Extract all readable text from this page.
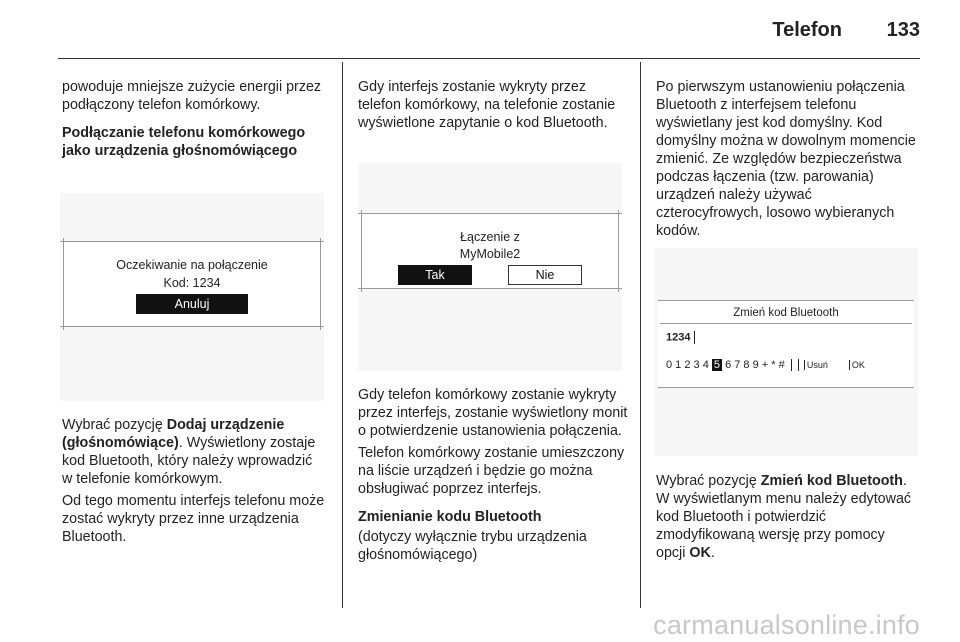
Telefon 133

powoduje mniejsze zużycie energii przez podłączony telefon komórkowy.

Podłączanie telefonu komórkowego jako urządzenia głośnomówiącego

Oczekiwanie na połączenie
Kod: 1234
Anuluj

Wybrać pozycję Dodaj urządzenie (głośnomówiące). Wyświetlony zostaje kod Bluetooth, który należy wprowadzić w telefonie komórkowym.

Od tego momentu interfejs telefonu może zostać wykryty przez inne urządzenia Bluetooth.

Gdy interfejs zostanie wykryty przez telefon komórkowy, na telefonie zostanie wyświetlone zapytanie o kod Bluetooth.

Łączenie z
MyMobile2
Tak	Nie

Gdy telefon komórkowy zostanie wykryty przez interfejs, zostanie wyświetlony monit o potwierdzenie ustanowienia połączenia.

Telefon komórkowy zostanie umieszczony na liście urządzeń i będzie go można obsługiwać poprzez interfejs.

Zmienianie kodu Bluetooth

(dotyczy wyłącznie trybu urządzenia głośnomówiącego)

Po pierwszym ustanowieniu połączenia Bluetooth z interfejsem telefonu wyświetlany jest kod domyślny. Kod domyślny można w dowolnym momencie zmienić. Ze względów bezpieczeństwa podczas łączenia (tzw. parowania) urządzeń należy używać czterocyfrowych, losowo wybieranych kodów.

Zmień kod Bluetooth
1234
0 1 2 3 4 5 6 7 8 9 + * # Usuń	OK

Wybrać pozycję Zmień kod Bluetooth. W wyświetlanym menu należy edytować kod Bluetooth i potwierdzić zmodyfikowaną wersję przy pomocy opcji OK.

carmanualsonline.info
